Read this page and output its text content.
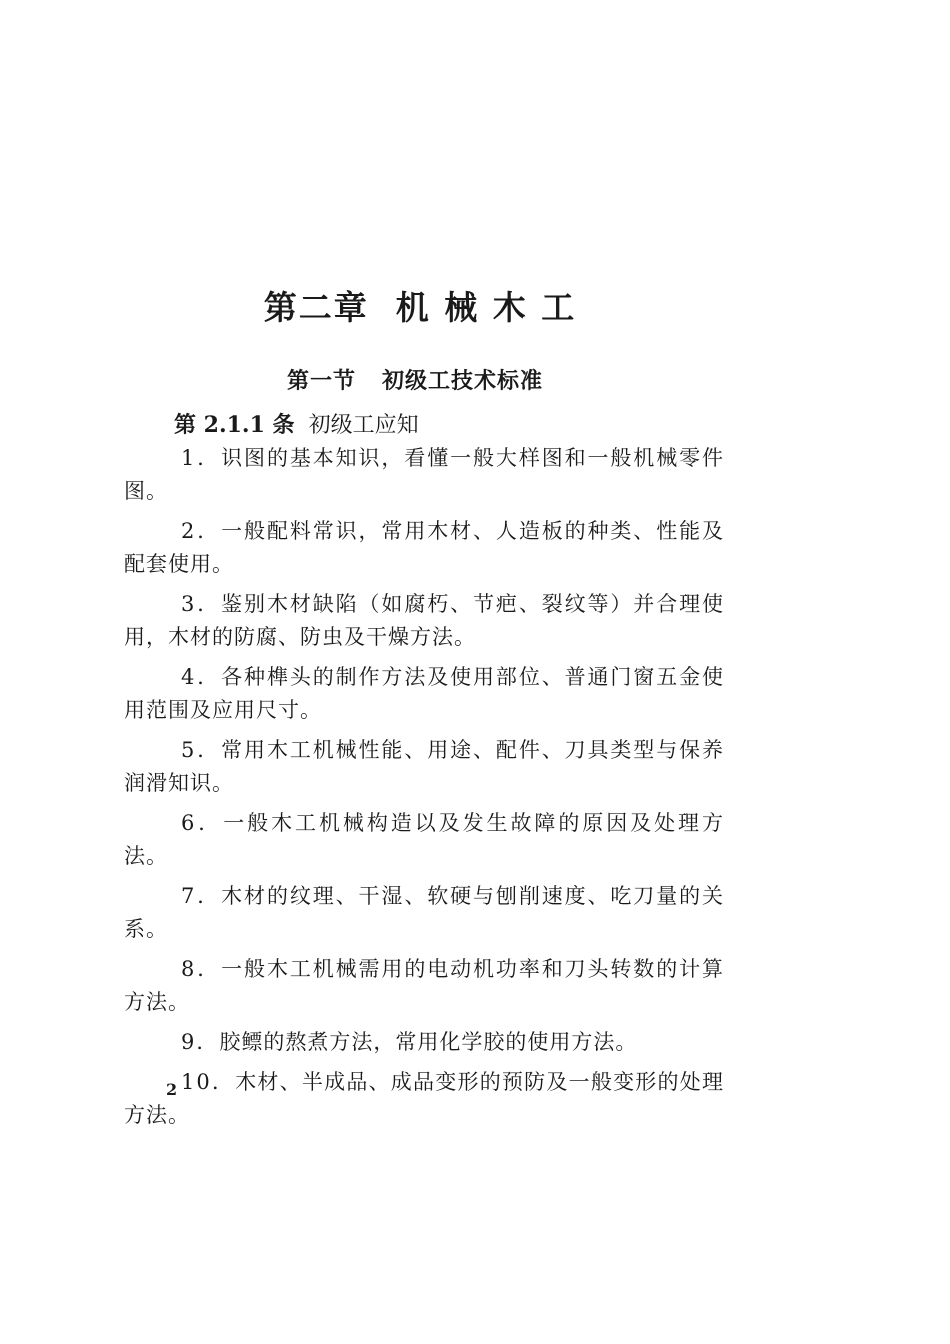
第二章  机 械 木 工
第一节   初级工技术标准
第 2.1.1 条 初级工应知

1．识图的基本知识，看懂一般大样图和一般机械零件图。

2．一般配料常识，常用木材、人造板的种类、性能及配套使用。

3．鉴别木材缺陷（如腐朽、节疤、裂纹等）并合理使用，木材的防腐、防虫及干燥方法。

4．各种榫头的制作方法及使用部位、普通门窗五金使用范围及应用尺寸。

5．常用木工机械性能、用途、配件、刀具类型与保养润滑知识。

6．一般木工机械构造以及发生故障的原因及处理方法。

7．木材的纹理、干湿、软硬与刨削速度、吃刀量的关系。

8．一般木工机械需用的电动机功率和刀头转数的计算方法。

9．胶鳔的熬煮方法，常用化学胶的使用方法。

10．木材、半成品、成品变形的预防及一般变形的处理方法。

2
